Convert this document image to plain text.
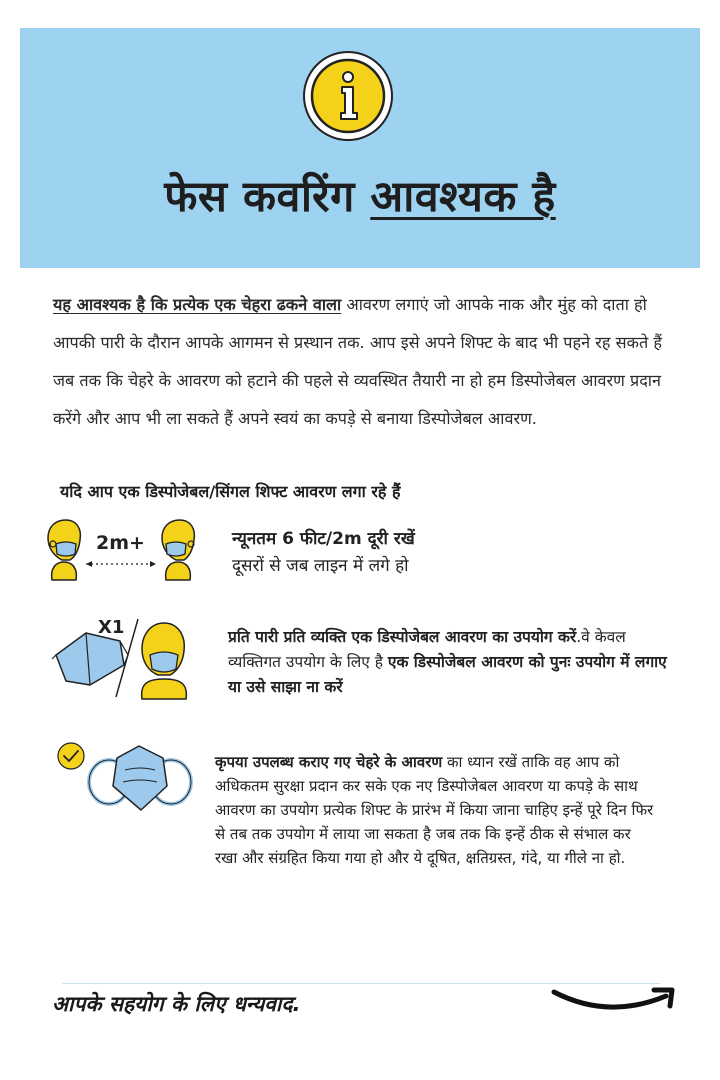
फेस कवरिंग आवश्यक है
यह आवश्यक है कि प्रत्येक एक चेहरा ढकने वाला आवरण लगाएं जो आपके नाक और मुंह को दाता हो आपकी पारी के दौरान आपके आगमन से प्रस्थान तक. आप इसे अपने शिफ्ट के बाद भी पहने रह सकते हैं जब तक कि चेहरे के आवरण को हटाने की पहले से व्यवस्थित तैयारी ना हो हम डिस्पोजेबल आवरण प्रदान करेंगे और आप भी ला सकते हैं अपने स्वयं का कपड़े से बनाया डिस्पोजेबल आवरण.
यदि आप एक डिस्पोजेबल/सिंगल शिफ्ट आवरण लगा रहे हैं
2m+	न्यूनतम 6 फीट/2m दूरी रखें
दूसरों से जब लाइन में लगे हो
X1	प्रति पारी प्रति व्यक्ति एक डिस्पोजेबल आवरण का उपयोग करें.वे केवल व्यक्तिगत उपयोग के लिए है एक डिस्पोजेबल आवरण को पुनः उपयोग में लगाए या उसे साझा ना करें
कृपया उपलब्ध कराए गए चेहरे के आवरण का ध्यान रखें ताकि वह आप को अधिकतम सुरक्षा प्रदान कर सके एक नए डिस्पोजेबल आवरण या कपड़े के साथ आवरण का उपयोग प्रत्येक शिफ्ट के प्रारंभ में किया जाना चाहिए इन्हें पूरे दिन फिर से तब तक उपयोग में लाया जा सकता है जब तक कि इन्हें ठीक से संभाल कर रखा और संग्रहित किया गया हो और ये दूषित, क्षतिग्रस्त, गंदे, या गीले ना हो.
आपके सहयोग के लिए धन्यवाद.
